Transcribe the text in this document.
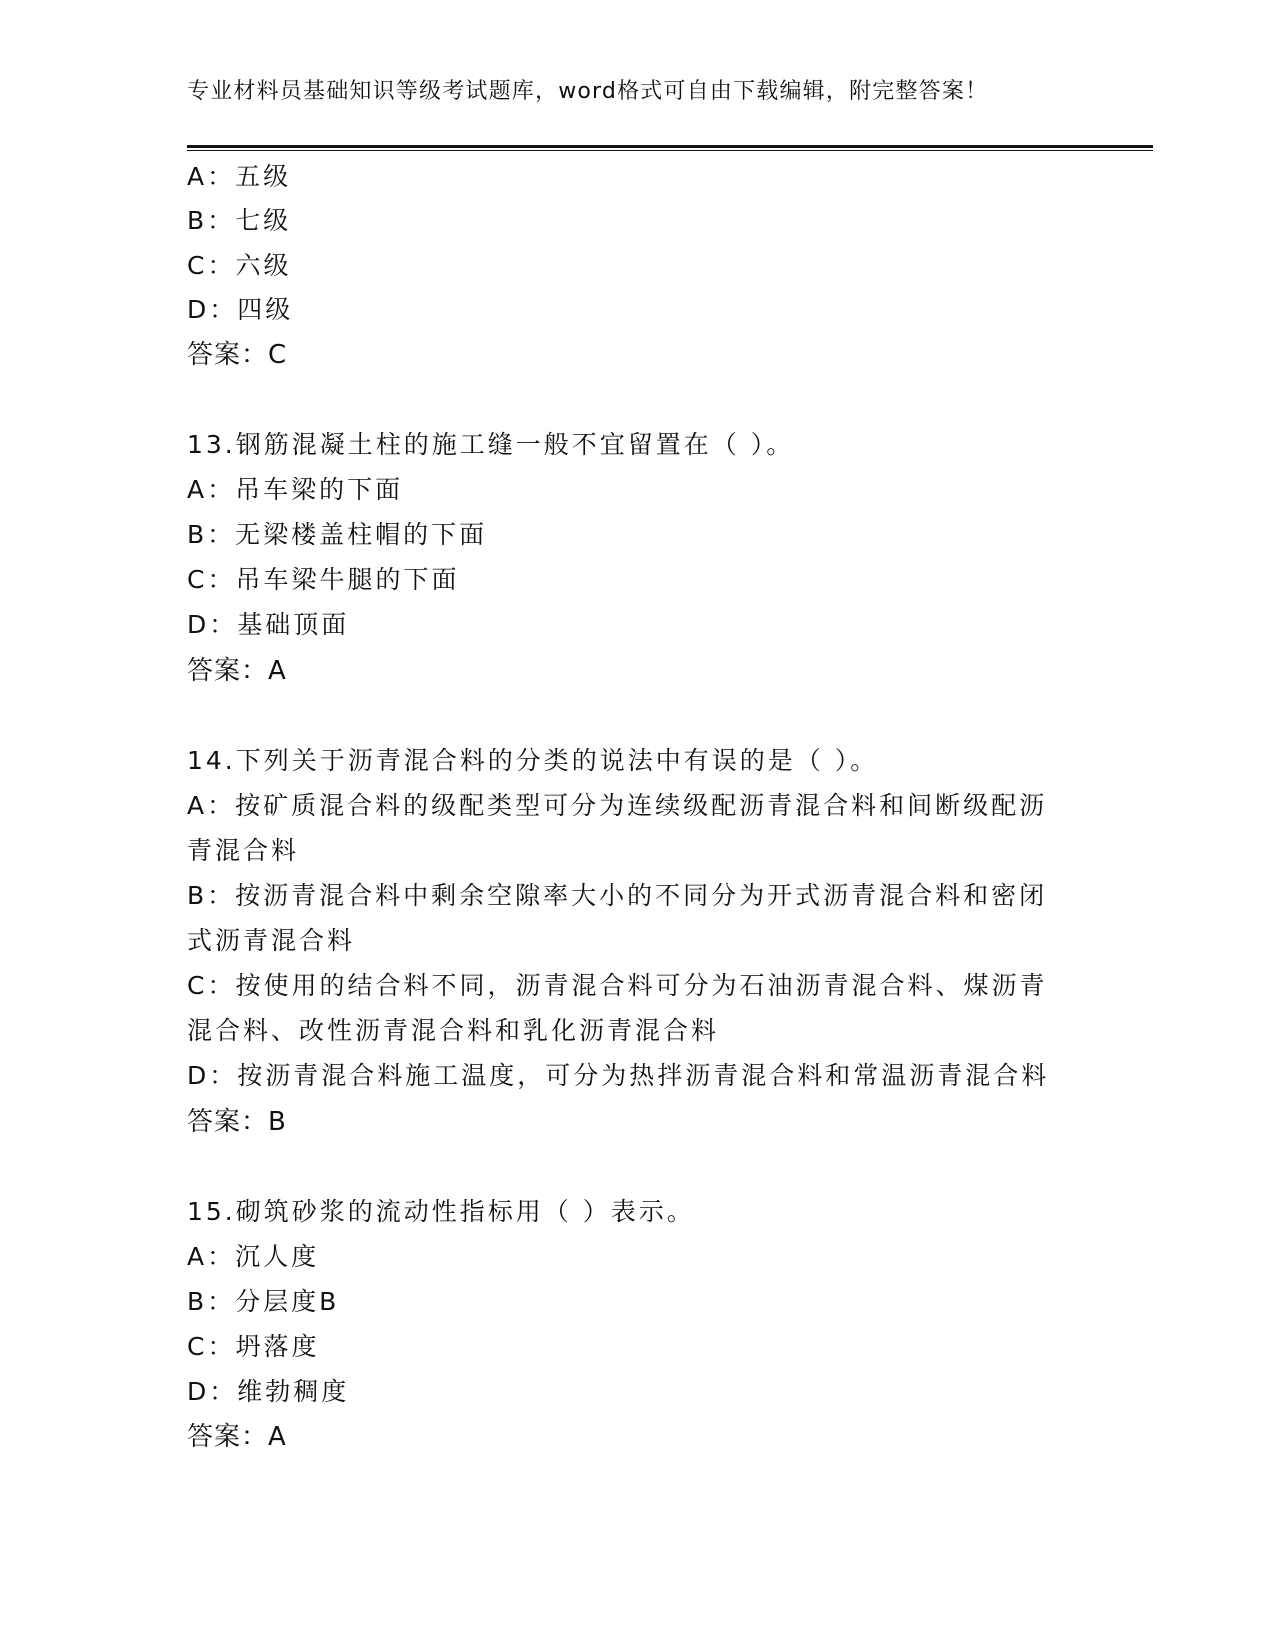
专业材料员基础知识等级考试题库，word格式可自由下载编辑，附完整答案！
A：五级
B：七级
C：六级
D：四级
答案：C
13.钢筋混凝土柱的施工缝一般不宜留置在（ ）。
A：吊车梁的下面
B：无梁楼盖柱帽的下面
C：吊车梁牛腿的下面
D：基础顶面
答案：A
14.下列关于沥青混合料的分类的说法中有误的是（ ）。
A：按矿质混合料的级配类型可分为连续级配沥青混合料和间断级配沥
青混合料
B：按沥青混合料中剩余空隙率大小的不同分为开式沥青混合料和密闭
式沥青混合料
C：按使用的结合料不同，沥青混合料可分为石油沥青混合料、煤沥青
混合料、改性沥青混合料和乳化沥青混合料
D：按沥青混合料施工温度，可分为热拌沥青混合料和常温沥青混合料
答案：B
15.砌筑砂浆的流动性指标用（ ）表示。
A：沉人度
B：分层度B
C：坍落度
D：维勃稠度
答案：A
